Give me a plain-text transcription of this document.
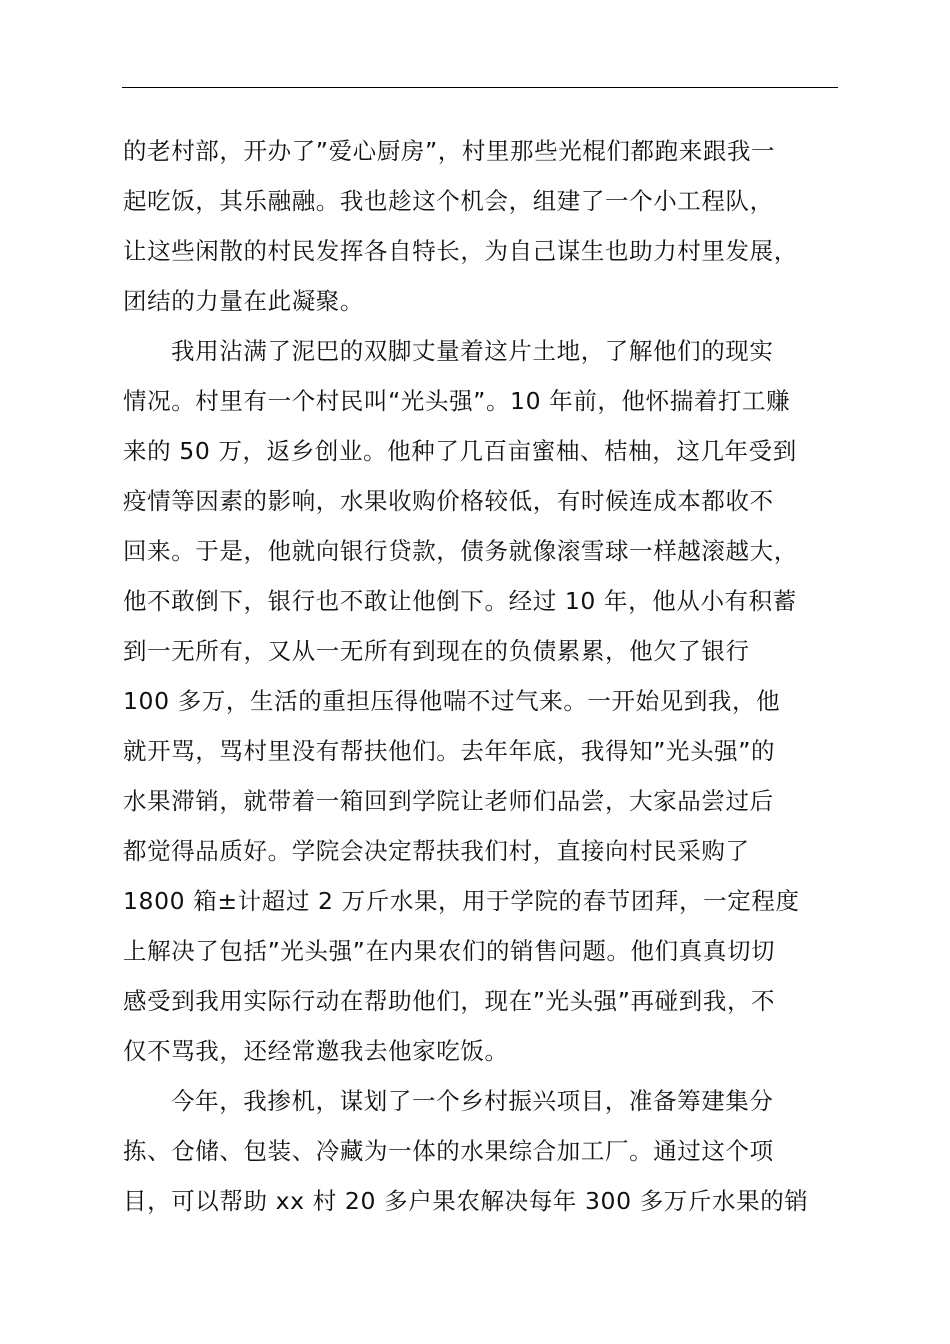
的老村部，开办了”爱心厨房”，村里那些光棍们都跑来跟我一
起吃饭，其乐融融。我也趁这个机会，组建了一个小工程队，
让这些闲散的村民发挥各自特长，为自己谋生也助力村里发展，
团结的力量在此凝聚。
我用沾满了泥巴的双脚丈量着这片土地，了解他们的现实
情况。村里有一个村民叫“光头强”。10 年前，他怀揣着打工赚
来的 50 万，返乡创业。他种了几百亩蜜柚、桔柚，这几年受到
疫情等因素的影响，水果收购价格较低，有时候连成本都收不
回来。于是，他就向银行贷款，债务就像滚雪球一样越滚越大，
他不敢倒下，银行也不敢让他倒下。经过 10 年，他从小有积蓄
到一无所有，又从一无所有到现在的负债累累，他欠了银行
100 多万，生活的重担压得他喘不过气来。一开始见到我，他
就开骂，骂村里没有帮扶他们。去年年底，我得知”光头强”的
水果滞销，就带着一箱回到学院让老师们品尝，大家品尝过后
都觉得品质好。学院会决定帮扶我们村，直接向村民采购了
1800 箱±计超过 2 万斤水果，用于学院的春节团拜，一定程度
上解决了包括”光头强”在内果农们的销售问题。他们真真切切
感受到我用实际行动在帮助他们，现在”光头强”再碰到我，不
仅不骂我，还经常邀我去他家吃饭。
今年，我掺机，谋划了一个乡村振兴项目，准备筹建集分
拣、仓储、包装、冷藏为一体的水果综合加工厂。通过这个项
目，可以帮助 xx 村 20 多户果农解决每年 300 多万斤水果的销
